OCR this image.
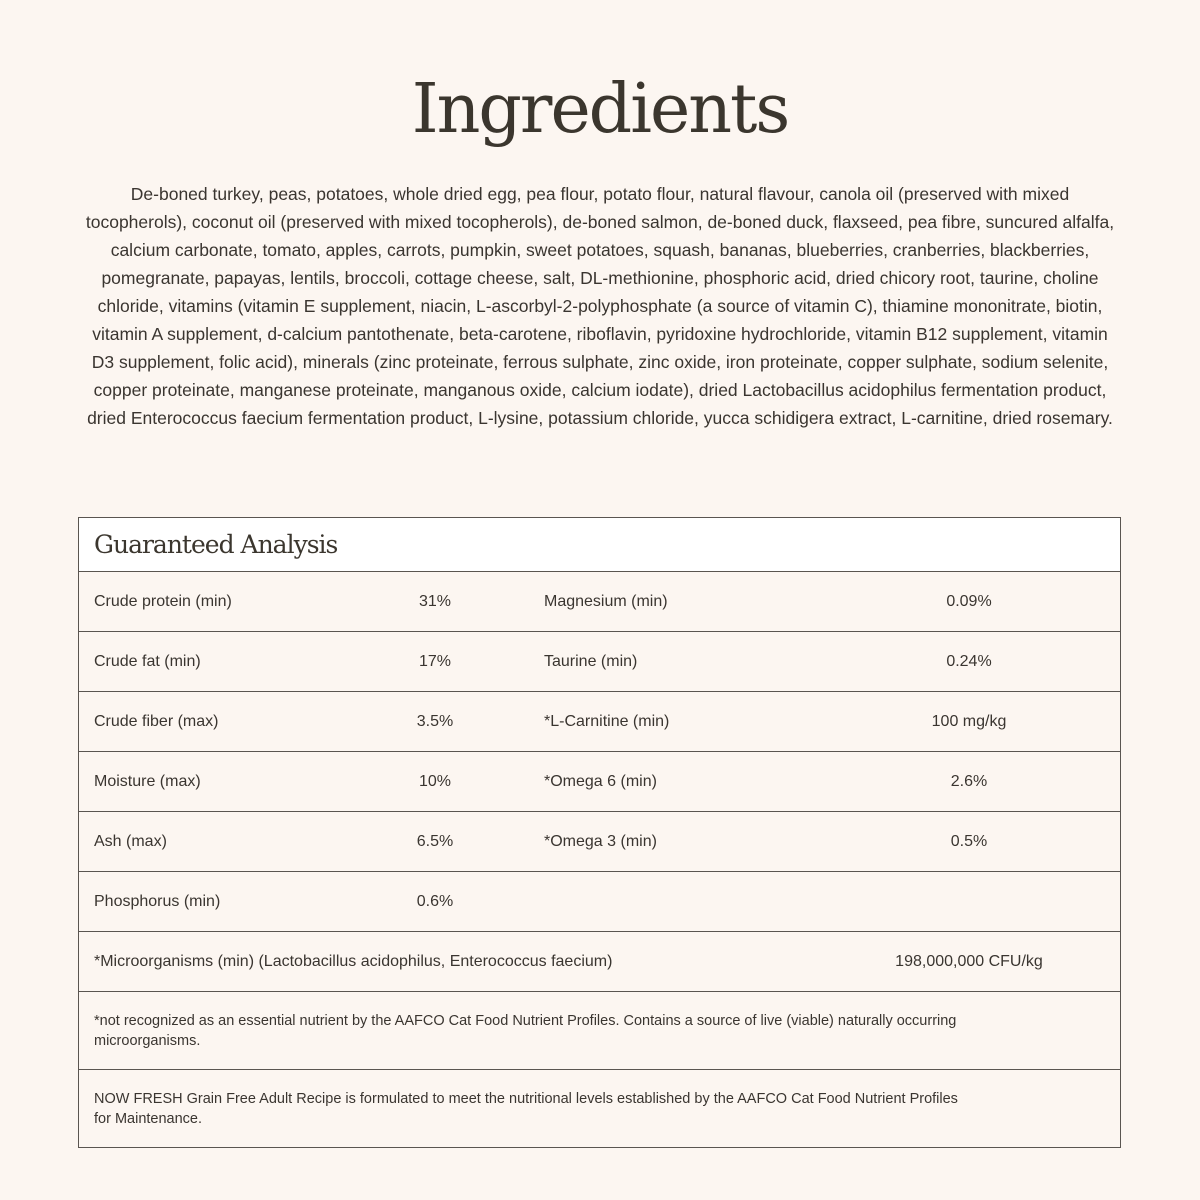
Ingredients

De-boned turkey, peas, potatoes, whole dried egg, pea flour, potato flour, natural flavour, canola oil (preserved with mixed tocopherols), coconut oil (preserved with mixed tocopherols), de-boned salmon, de-boned duck, flaxseed, pea fibre, suncured alfalfa, calcium carbonate, tomato, apples, carrots, pumpkin, sweet potatoes, squash, bananas, blueberries, cranberries, blackberries, pomegranate, papayas, lentils, broccoli, cottage cheese, salt, DL-methionine, phosphoric acid, dried chicory root, taurine, choline chloride, vitamins (vitamin E supplement, niacin, L-ascorbyl-2-polyphosphate (a source of vitamin C), thiamine mononitrate, biotin, vitamin A supplement, d-calcium pantothenate, beta-carotene, riboflavin, pyridoxine hydrochloride, vitamin B12 supplement, vitamin D3 supplement, folic acid), minerals (zinc proteinate, ferrous sulphate, zinc oxide, iron proteinate, copper sulphate, sodium selenite, copper proteinate, manganese proteinate, manganous oxide, calcium iodate), dried Lactobacillus acidophilus fermentation product, dried Enterococcus faecium fermentation product, L-lysine, potassium chloride, yucca schidigera extract, L-carnitine, dried rosemary.

Guaranteed Analysis
Crude protein (min)	31%	Magnesium (min)	0.09%
Crude fat (min)	17%	Taurine (min)	0.24%
Crude fiber (max)	3.5%	*L-Carnitine (min)	100 mg/kg
Moisture (max)	10%	*Omega 6 (min)	2.6%
Ash (max)	6.5%	*Omega 3 (min)	0.5%
Phosphorus (min)	0.6%
*Microorganisms (min) (Lactobacillus acidophilus, Enterococcus faecium)	198,000,000 CFU/kg
*not recognized as an essential nutrient by the AAFCO Cat Food Nutrient Profiles. Contains a source of live (viable) naturally occurring microorganisms.
NOW FRESH Grain Free Adult Recipe is formulated to meet the nutritional levels established by the AAFCO Cat Food Nutrient Profiles for Maintenance.
